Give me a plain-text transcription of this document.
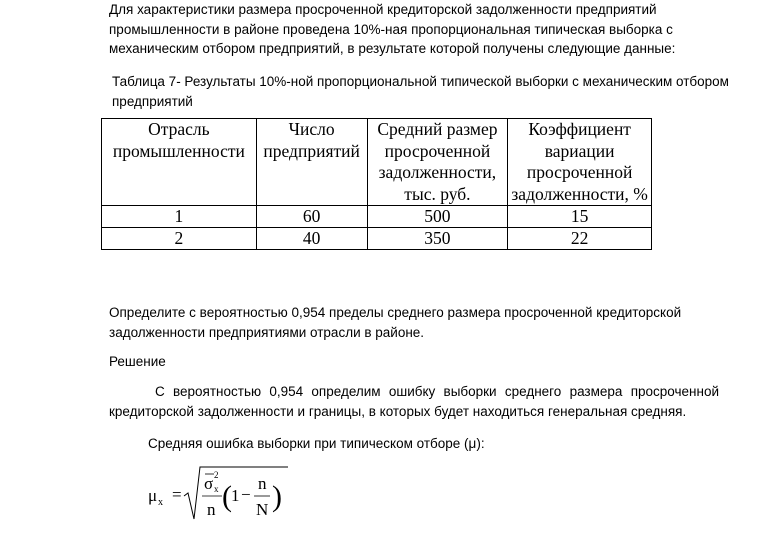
Для характеристики размера просроченной кредиторской задолженности предприятий промышленности в районе проведена 10%-ная пропорциональная типическая выборка с механическим отбором предприятий, в результате которой получены следующие данные:
Таблица 7- Результаты 10%-ной пропорциональной типической выборки с механическим отбором предприятий
Отрасль промышленности	Число предприятий	Средний размер просроченной задолженности, тыс. руб.	Коэффициент вариации просроченной задолженности, %
1	60	500	15
2	40	350	22
Определите с вероятностью 0,954 пределы среднего размера просроченной кредиторской задолженности предприятиями отрасли в районе.
Решение
С вероятностью 0,954 определим ошибку выборки среднего размера просроченной кредиторской задолженности и границы, в которых будет находиться генеральная средняя.
Средняя ошибка выборки при типическом отборе (μ):
μ x =
σ 2
x
n ( 1 −
n
N )
